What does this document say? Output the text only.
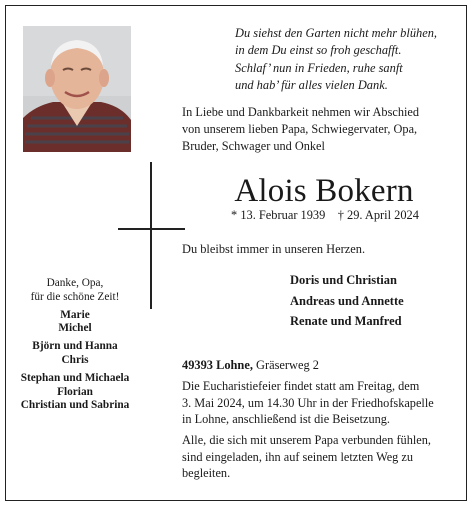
Du siehst den Garten nicht mehr blühen,
in dem Du einst so froh geschafft.
Schlaf’ nun in Frieden, ruhe sanft
und hab’ für alles vielen Dank.
In Liebe und Dankbarkeit nehmen wir Abschied
von unserem lieben Papa, Schwiegervater, Opa,
Bruder, Schwager und Onkel
Alois Bokern
* 13. Februar 1939    † 29. April 2024
Du bleibst immer in unseren Herzen.
Doris und Christian
Andreas und Annette
Renate und Manfred
Danke, Opa,
für die schöne Zeit!
Marie
Michel
Björn und Hanna
Chris
Stephan und Michaela
Florian
Christian und Sabrina
49393 Lohne, Gräserweg 2
Die Eucharistiefeier findet statt am Freitag, dem
3. Mai 2024, um 14.30 Uhr in der Friedhofskapelle
in Lohne, anschließend ist die Beisetzung.
Alle, die sich mit unserem Papa verbunden fühlen,
sind eingeladen, ihn auf seinem letzten Weg zu
begleiten.
